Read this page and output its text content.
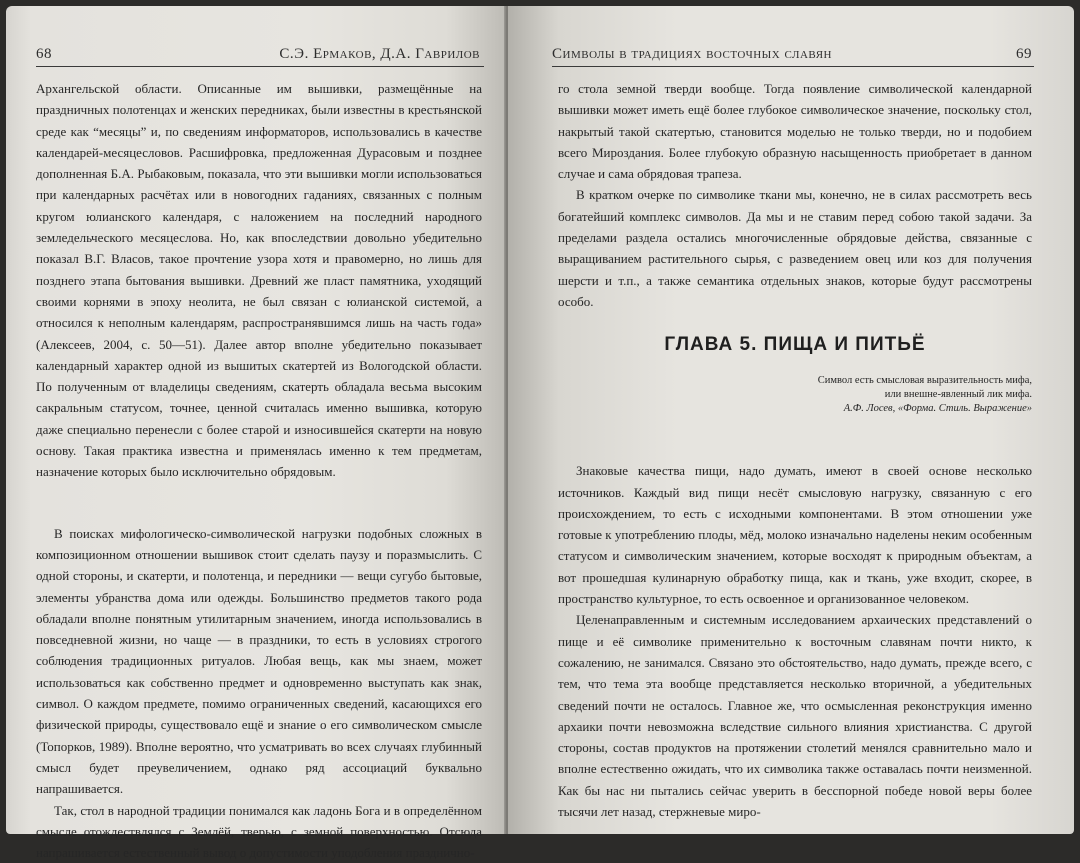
68	С.Э. Ермаков, Д.А. Гаврилов

Архангельской области. Описанные им вышивки, размещённые на праздничных полотенцах и женских передниках, были известны в крестьянской среде как “месяцы” и, по сведениям информаторов, использовались в качестве календарей-месяцесловов. Расшифровка, предложенная Дурасовым и позднее дополненная Б.А. Рыбаковым, показала, что эти вышивки могли использоваться при календарных расчётах или в новогодних гаданиях, связанных с полным кругом юлианского календаря, с наложением на последний народного земледельческого месяцеслова. Но, как впоследствии довольно убедительно показал В.Г. Власов, такое прочтение узора хотя и правомерно, но лишь для позднего этапа бытования вышивки. Древний же пласт памятника, уходящий своими корнями в эпоху неолита, не был связан с юлианской системой, а относился к неполным календарям, распространявшимся лишь на часть года» (Алексеев, 2004, с. 50—51). Далее автор вполне убедительно показывает календарный характер одной из вышитых скатертей из Вологодской области. По полученным от владелицы сведениям, скатерть обладала весьма высоким сакральным статусом, точнее, ценной считалась именно вышивка, которую даже специально перенесли с более старой и износившейся скатерти на новую основу. Такая практика известна и применялась именно к тем предметам, назначение которых было исключительно обрядовым.

В поисках мифологическо-символической нагрузки подобных сложных в композиционном отношении вышивок стоит сделать паузу и поразмыслить. С одной стороны, и скатерти, и полотенца, и передники — вещи сугубо бытовые, элементы убранства дома или одежды. Большинство предметов такого рода обладали вполне понятным утилитарным значением, иногда использовались в повседневной жизни, но чаще — в праздники, то есть в условиях строгого соблюдения традиционных ритуалов. Любая вещь, как мы знаем, может использоваться как собственно предмет и одновременно выступать как знак, символ. О каждом предмете, помимо ограниченных сведений, касающихся его физической природы, существовало ещё и знание о его символическом смысле (Топорков, 1989). Вполне вероятно, что усматривать во всех случаях глубинный смысл будет преувеличением, однако ряд ассоциаций буквально напрашивается.

Так, стол в народной традиции понимался как ладонь Бога и в определённом смысле отождествлялся с Землёй, тверью, с земной поверхностью. Отсюда напрашивается естественный вывод о допустимости уподобления празднично-

Символы в традициях восточных славян	69

го стола земной тверди вообще. Тогда появление символической календарной вышивки может иметь ещё более глубокое символическое значение, поскольку стол, накрытый такой скатертью, становится моделью не только тверди, но и подобием всего Мироздания. Более глубокую образную насыщенность приобретает в данном случае и сама обрядовая трапеза.

В кратком очерке по символике ткани мы, конечно, не в силах рассмотреть весь богатейший комплекс символов. Да мы и не ставим перед собою такой задачи. За пределами раздела остались многочисленные обрядовые действа, связанные с выращиванием растительного сырья, с разведением овец или коз для получения шерсти и т.п., а также семантика отдельных знаков, которые будут рассмотрены особо.

ГЛАВА 5. ПИЩА И ПИТЬЁ
Символ есть смысловая выразительность мифа,
или внешне-явленный лик мифа.
А.Ф. Лосев, «Форма. Стиль. Выражение»

Знаковые качества пищи, надо думать, имеют в своей основе несколько источников. Каждый вид пищи несёт смысловую нагрузку, связанную с его происхождением, то есть с исходными компонентами. В этом отношении уже готовые к употреблению плоды, мёд, молоко изначально наделены неким особенным статусом и символическим значением, которые восходят к природным объектам, а вот прошедшая кулинарную обработку пища, как и ткань, уже входит, скорее, в пространство культурное, то есть освоенное и организованное человеком.

Целенаправленным и системным исследованием архаических представлений о пище и её символике применительно к восточным славянам почти никто, к сожалению, не занимался. Связано это обстоятельство, надо думать, прежде всего, с тем, что тема эта вообще представляется несколько вторичной, а убедительных сведений почти не осталось. Главное же, что осмысленная реконструкция именно архаики почти невозможна вследствие сильного влияния христианства. С другой стороны, состав продуктов на протяжении столетий менялся сравнительно мало и вполне естественно ожидать, что их символика также оставалась почти неизменной. Как бы нас ни пытались сейчас уверить в бесспорной победе новой веры более тысячи лет назад, стержневые миро-
